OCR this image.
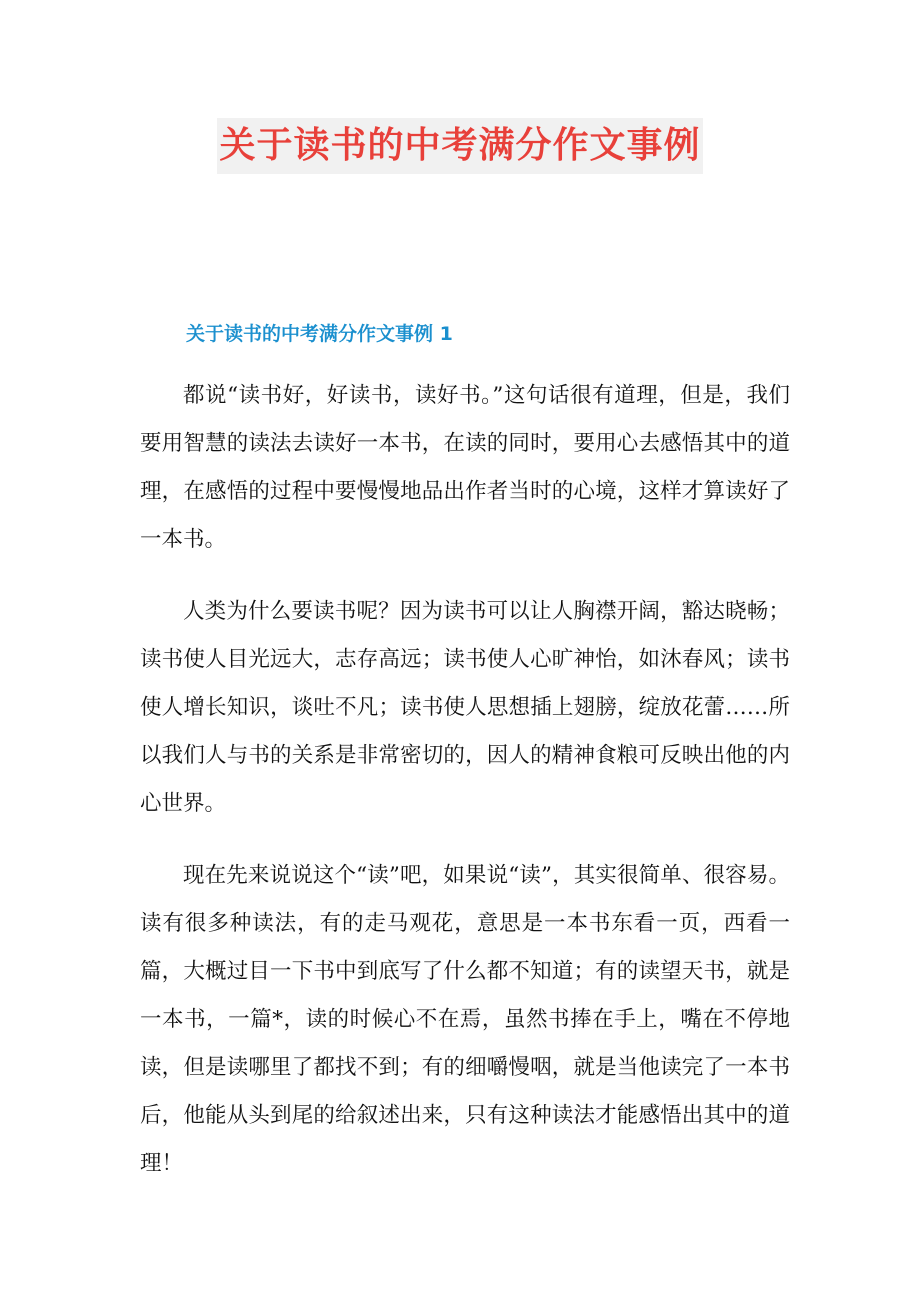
关于读书的中考满分作文事例
关于读书的中考满分作文事例 1

都说“读书好，好读书，读好书。”这句话很有道理，但是，我们要用智慧的读法去读好一本书，在读的同时，要用心去感悟其中的道理，在感悟的过程中要慢慢地品出作者当时的心境，这样才算读好了一本书。

人类为什么要读书呢？因为读书可以让人胸襟开阔，豁达晓畅；读书使人目光远大，志存高远；读书使人心旷神怡，如沐春风；读书使人增长知识，谈吐不凡；读书使人思想插上翅膀，绽放花蕾……所以我们人与书的关系是非常密切的，因人的精神食粮可反映出他的内心世界。

现在先来说说这个“读”吧，如果说“读”，其实很简单、很容易。读有很多种读法，有的走马观花，意思是一本书东看一页，西看一篇，大概过目一下书中到底写了什么都不知道；有的读望天书，就是一本书，一篇*，读的时候心不在焉，虽然书捧在手上，嘴在不停地读，但是读哪里了都找不到；有的细嚼慢咽，就是当他读完了一本书后，他能从头到尾的给叙述出来，只有这种读法才能感悟出其中的道理！
